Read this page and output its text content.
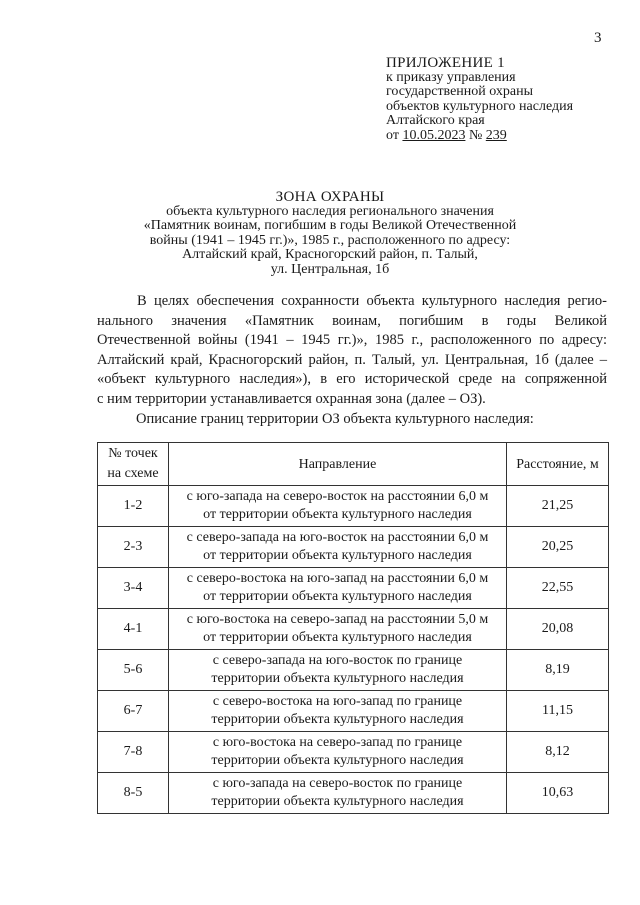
3
ПРИЛОЖЕНИЕ 1
к приказу управления
государственной охраны
объектов культурного наследия
Алтайского края
от 10.05.2023 № 239
ЗОНА ОХРАНЫ
объекта культурного наследия регионального значения
«Памятник воинам, погибшим в годы Великой Отечественной
войны (1941 – 1945 гг.)», 1985 г., расположенного по адресу:
Алтайский край, Красногорский район, п. Талый,
ул. Центральная, 1б
В целях обеспечения сохранности объекта культурного наследия регио-
нального значения «Памятник воинам, погибшим в годы Великой
Отечественной войны (1941 – 1945 гг.)», 1985 г., расположенного по адресу:
Алтайский край, Красногорский район, п. Талый, ул. Центральная, 1б (далее –
«объект культурного наследия»), в его исторической среде на сопряженной
с ним территории устанавливается охранная зона (далее – ОЗ).
Описание границ территории ОЗ объекта культурного наследия:
№ точек
на схеме	Направление	Расстояние, м
1-2	с юго-запада на северо-восток на расстоянии 6,0 м
от территории объекта культурного наследия	21,25
2-3	с северо-запада на юго-восток на расстоянии 6,0 м
от территории объекта культурного наследия	20,25
3-4	с северо-востока на юго-запад на расстоянии 6,0 м
от территории объекта культурного наследия	22,55
4-1	с юго-востока на северо-запад на расстоянии 5,0 м
от территории объекта культурного наследия	20,08
5-6	с северо-запада на юго-восток по границе
территории объекта культурного наследия	8,19
6-7	с северо-востока на юго-запад по границе
территории объекта культурного наследия	11,15
7-8	с юго-востока на северо-запад по границе
территории объекта культурного наследия	8,12
8-5	с юго-запада на северо-восток по границе
территории объекта культурного наследия	10,63
